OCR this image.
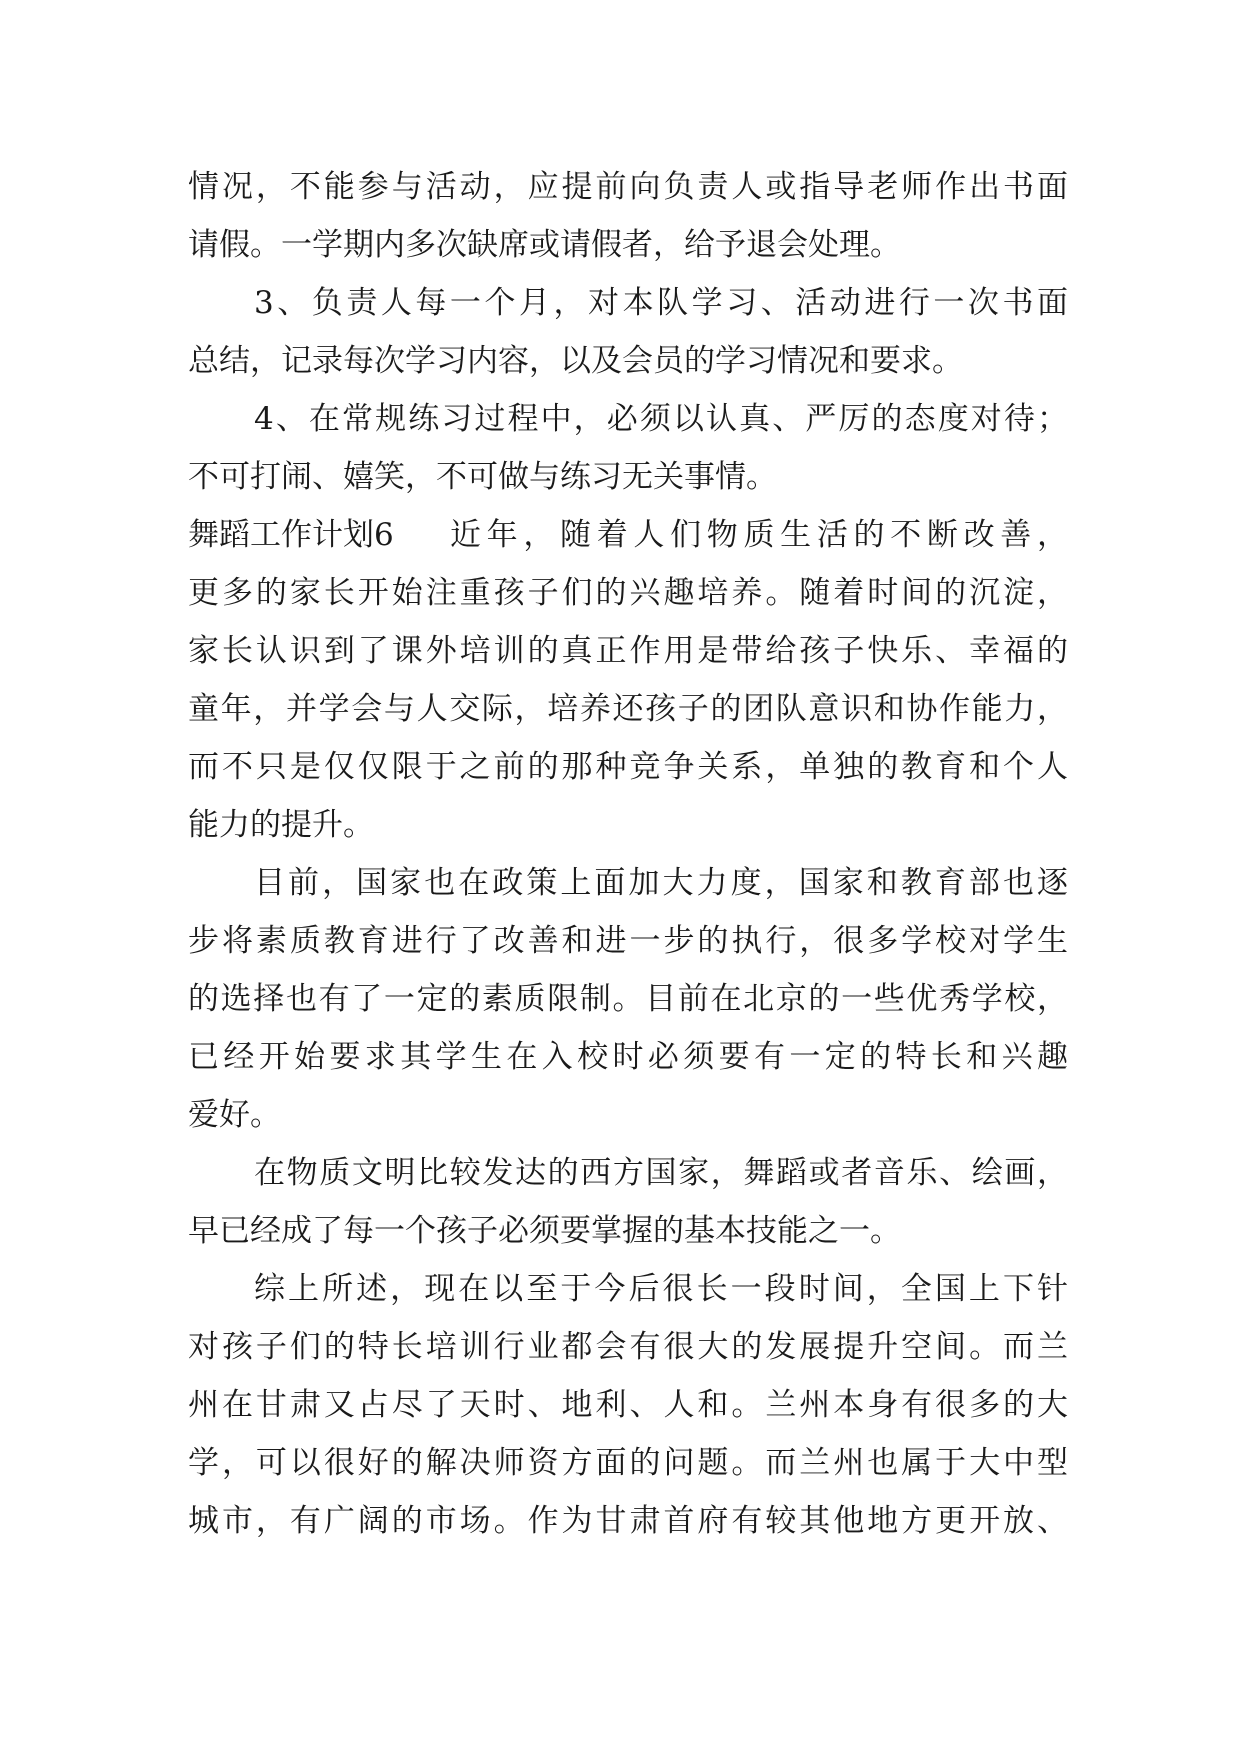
情况，不能参与活动，应提前向负责人或指导老师作出书面
请假。一学期内多次缺席或请假者，给予退会处理。
3、负责人每一个月，对本队学习、活动进行一次书面
总结，记录每次学习内容，以及会员的学习情况和要求。
4、在常规练习过程中，必须以认真、严厉的态度对待；
不可打闹、嬉笑，不可做与练习无关事情。
舞蹈工作计划6	近年，随着人们物质生活的不断改善，
更多的家长开始注重孩子们的兴趣培养。随着时间的沉淀，
家长认识到了课外培训的真正作用是带给孩子快乐、幸福的
童年，并学会与人交际，培养还孩子的团队意识和协作能力，
而不只是仅仅限于之前的那种竞争关系，单独的教育和个人
能力的提升。
目前，国家也在政策上面加大力度，国家和教育部也逐
步将素质教育进行了改善和进一步的执行，很多学校对学生
的选择也有了一定的素质限制。目前在北京的一些优秀学校，
已经开始要求其学生在入校时必须要有一定的特长和兴趣
爱好。
在物质文明比较发达的西方国家，舞蹈或者音乐、绘画，
早已经成了每一个孩子必须要掌握的基本技能之一。
综上所述，现在以至于今后很长一段时间，全国上下针
对孩子们的特长培训行业都会有很大的发展提升空间。而兰
州在甘肃又占尽了天时、地利、人和。兰州本身有很多的大
学，可以很好的解决师资方面的问题。而兰州也属于大中型
城市，有广阔的市场。作为甘肃首府有较其他地方更开放、
